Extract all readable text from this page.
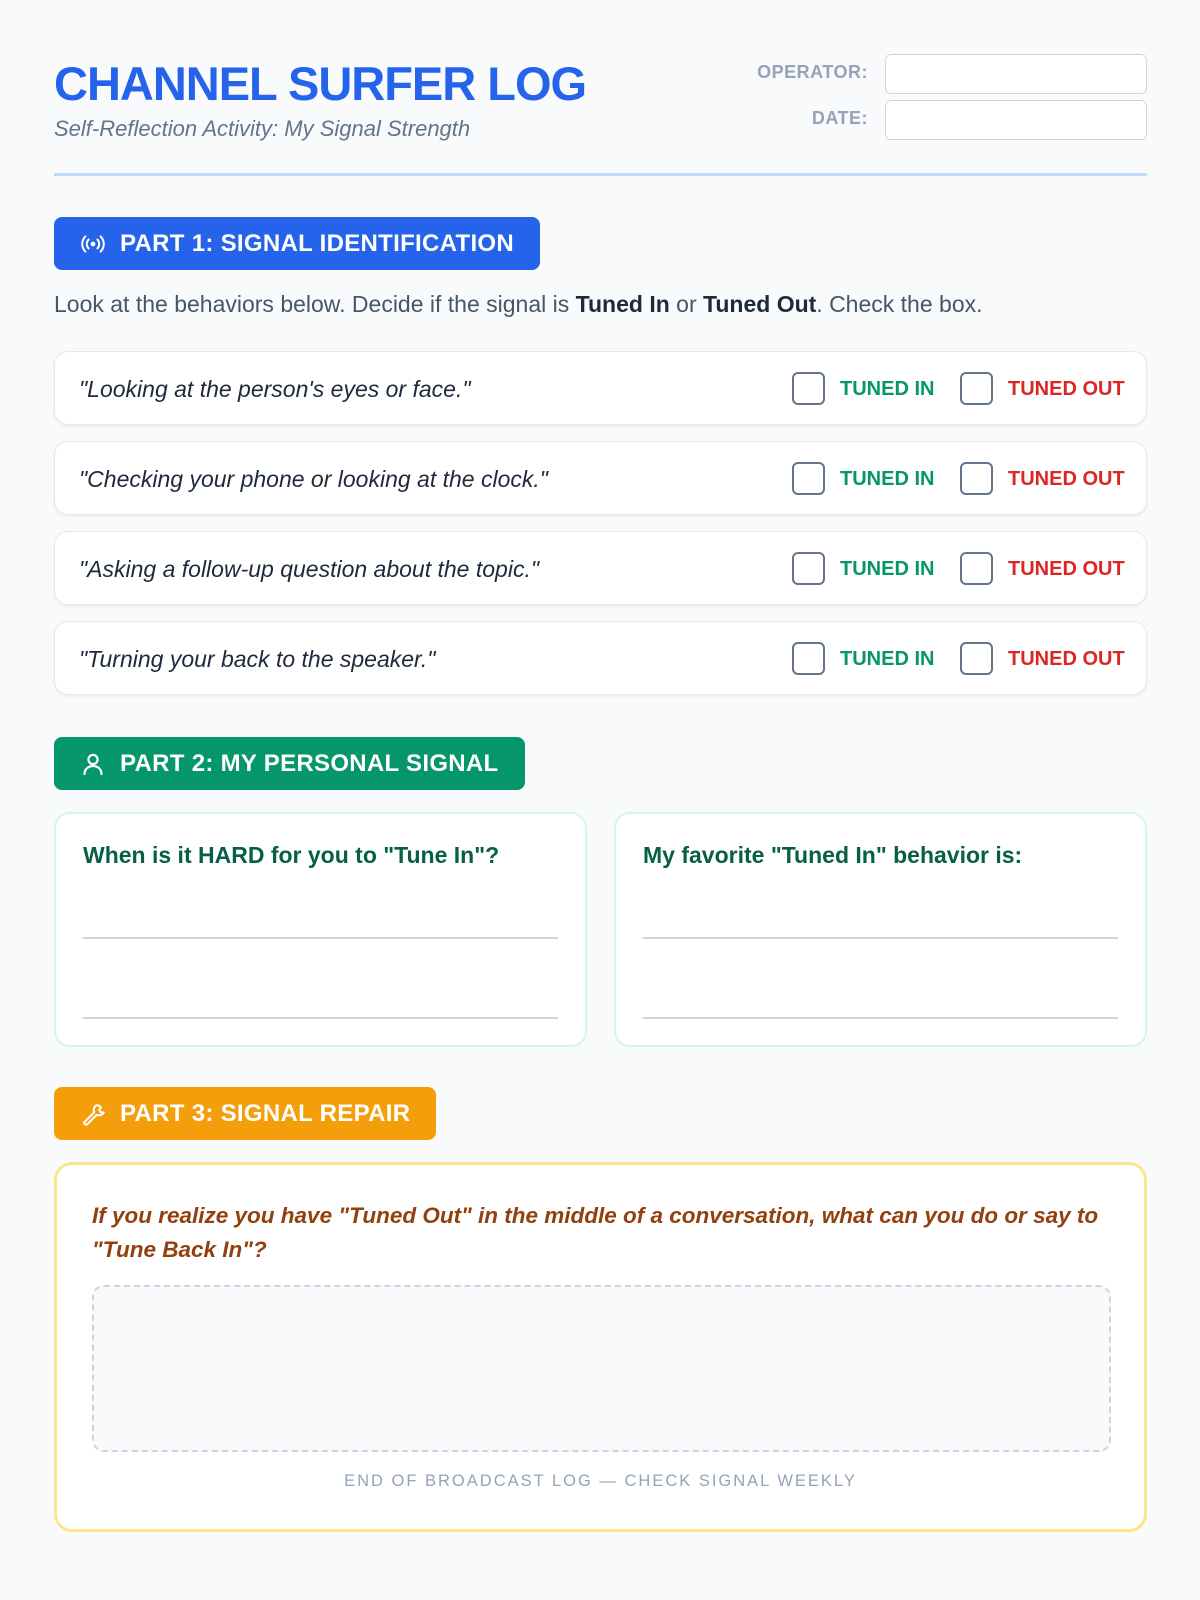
CHANNEL SURFER LOG
Self-Reflection Activity: My Signal Strength
OPERATOR:
DATE:
PART 1: SIGNAL IDENTIFICATION
Look at the behaviors below. Decide if the signal is Tuned In or Tuned Out. Check the box.
"Looking at the person's eyes or face."	TUNED IN	TUNED OUT
"Checking your phone or looking at the clock."	TUNED IN	TUNED OUT
"Asking a follow-up question about the topic."	TUNED IN	TUNED OUT
"Turning your back to the speaker."	TUNED IN	TUNED OUT
PART 2: MY PERSONAL SIGNAL
When is it HARD for you to "Tune In"?	My favorite "Tuned In" behavior is:
PART 3: SIGNAL REPAIR
If you realize you have "Tuned Out" in the middle of a conversation, what can you do or say to "Tune Back In"?
END OF BROADCAST LOG — CHECK SIGNAL WEEKLY
